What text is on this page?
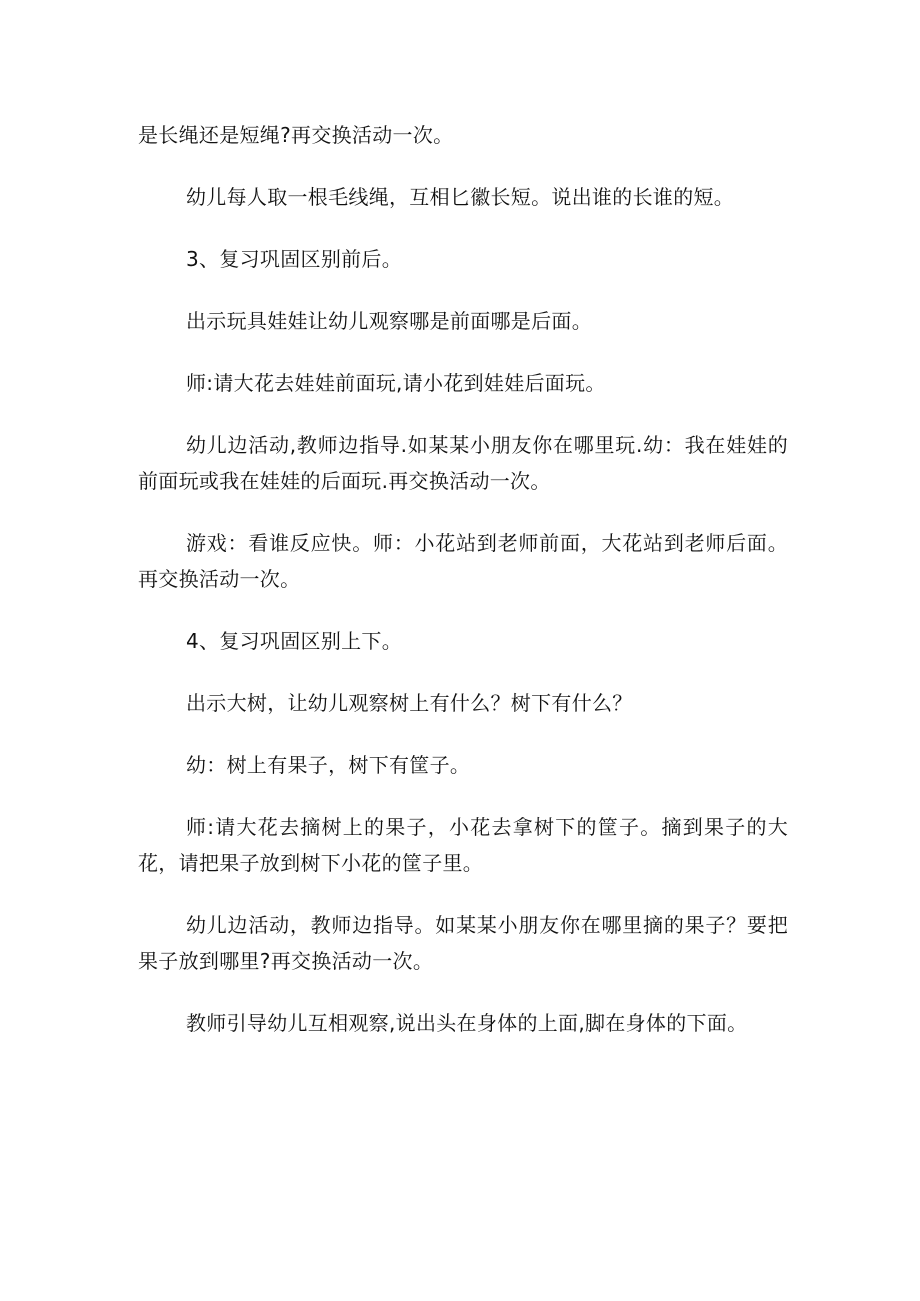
是长绳还是短绳?再交换活动一次。

幼儿每人取一根毛线绳，互相匕徽长短。说出谁的长谁的短。

3、复习巩固区别前后。

出示玩具娃娃让幼儿观察哪是前面哪是后面。

师:请大花去娃娃前面玩,请小花到娃娃后面玩。

幼儿边活动,教师边指导.如某某小朋友你在哪里玩.幼：我在娃娃的前面玩或我在娃娃的后面玩.再交换活动一次。

游戏：看谁反应快。师：小花站到老师前面，大花站到老师后面。再交换活动一次。

4、复习巩固区别上下。

出示大树，让幼儿观察树上有什么？树下有什么？

幼：树上有果子，树下有筐子。

师:请大花去摘树上的果子，小花去拿树下的筐子。摘到果子的大花，请把果子放到树下小花的筐子里。

幼儿边活动，教师边指导。如某某小朋友你在哪里摘的果子？要把果子放到哪里?再交换活动一次。

教师引导幼儿互相观察,说出头在身体的上面,脚在身体的下面。
